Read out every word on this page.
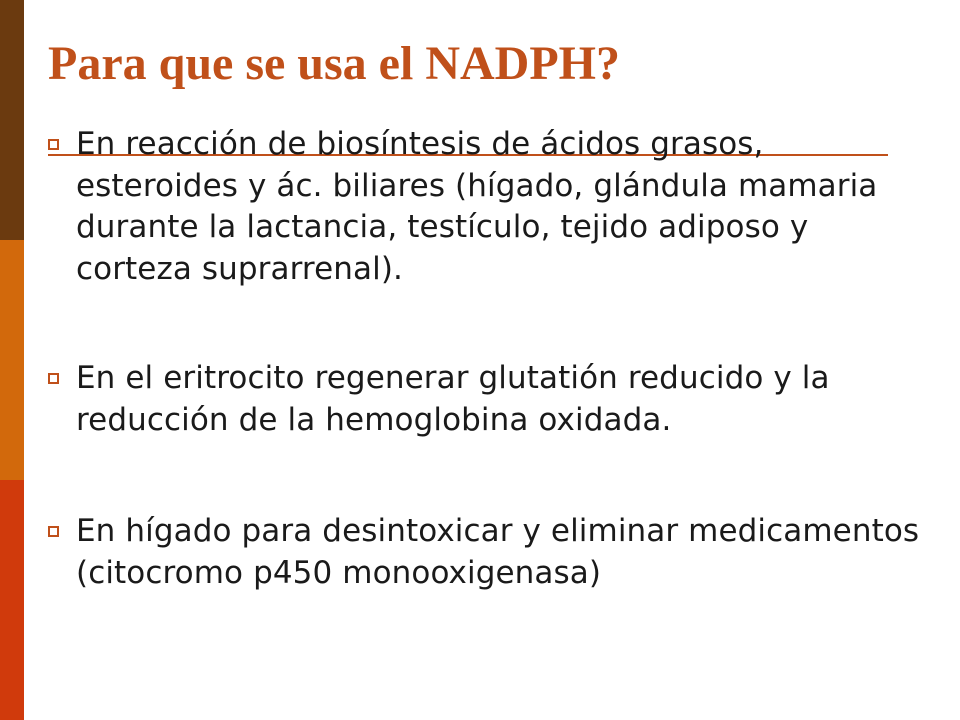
Para que se usa el NADPH?
En reacción de biosíntesis de ácidos grasos, esteroides y ác. biliares (hígado, glándula mamaria durante la lactancia, testículo, tejido adiposo y corteza suprarrenal).
En el eritrocito regenerar glutatión reducido y la reducción de la hemoglobina oxidada.
En hígado para desintoxicar y eliminar medicamentos (citocromo p450 monooxigenasa)
